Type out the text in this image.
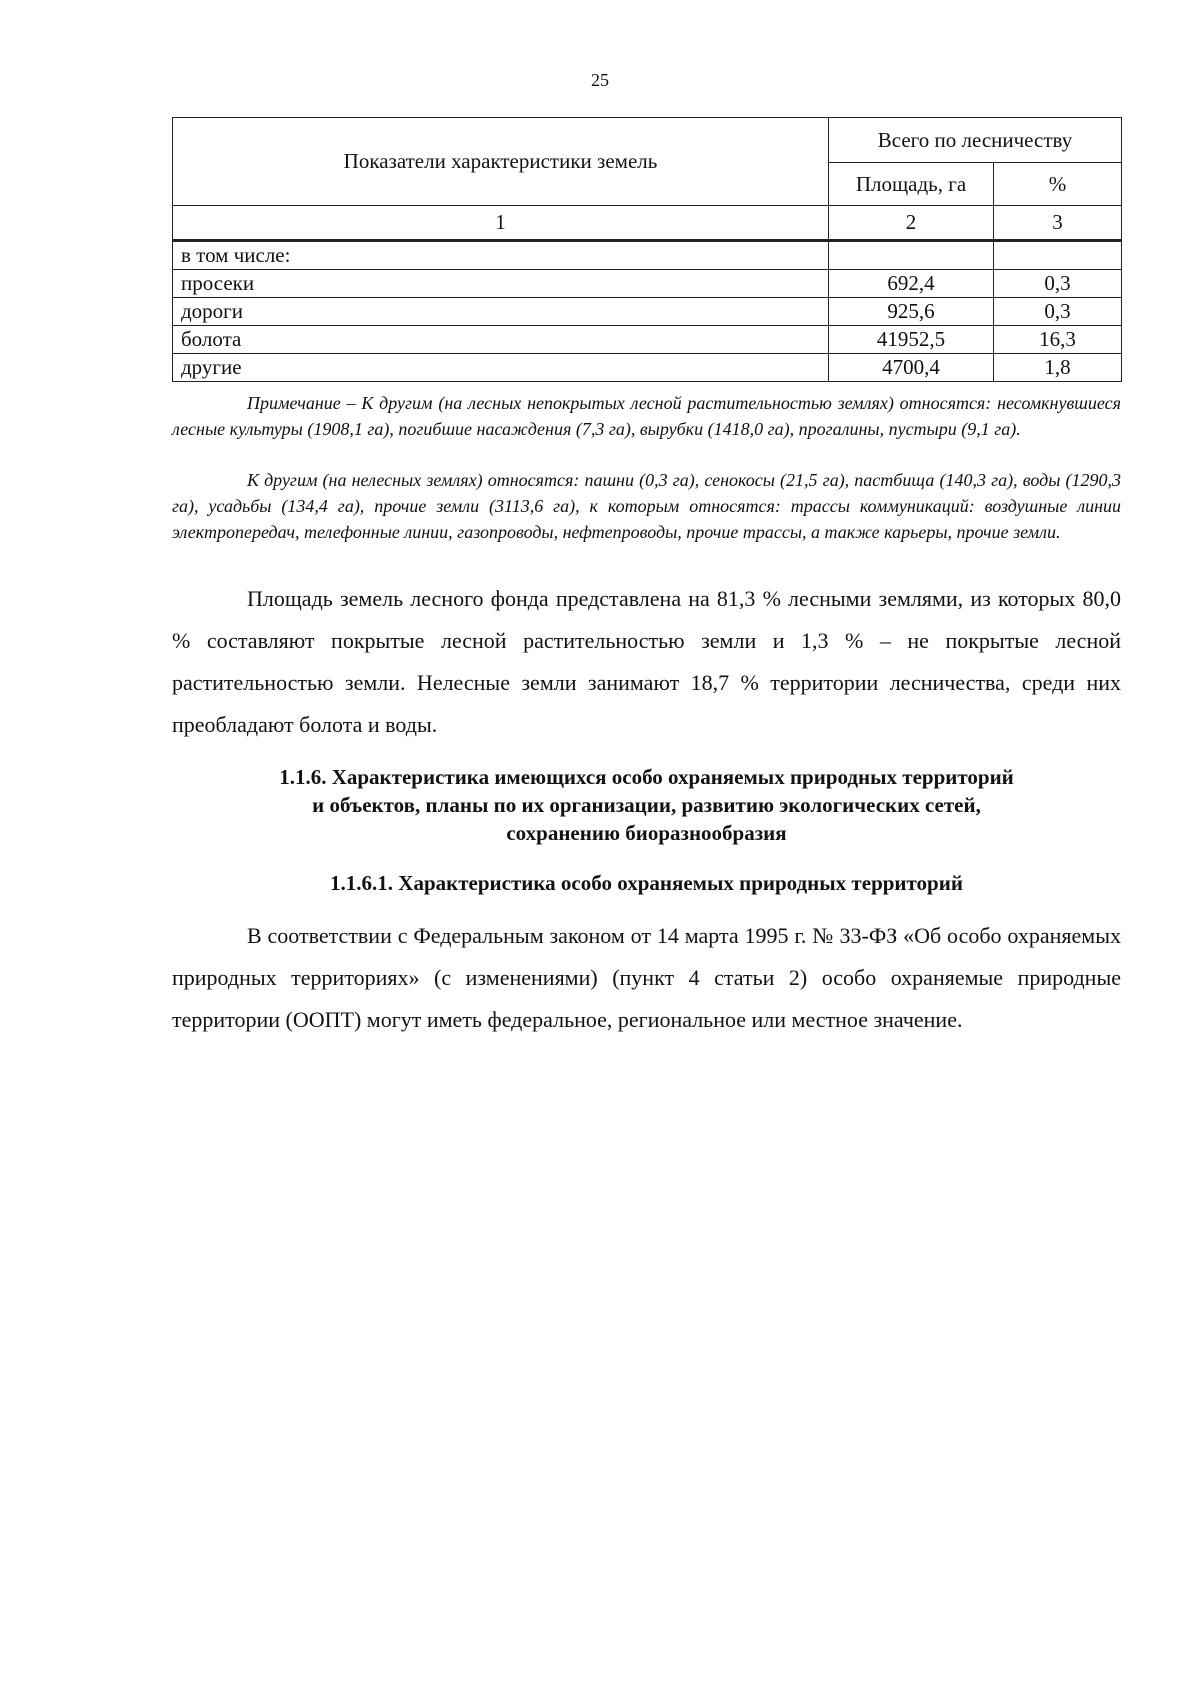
25
Показатели характеристики земель	Всего по лесничеству	
	Площадь, га	%
1	2	3
в том числе:		
просеки	692,4	0,3
дороги	925,6	0,3
болота	41952,5	16,3
другие	4700,4	1,8

Примечание – К другим (на лесных непокрытых лесной растительностью землях) относятся: несомкнувшиеся лесные культуры (1908,1 га), погибшие насаждения (7,3 га), вырубки (1418,0 га), прогалины, пустыри (9,1 га).

К другим (на нелесных землях) относятся: пашни (0,3 га), сенокосы (21,5 га), пастбища (140,3 га), воды (1290,3 га), усадьбы (134,4 га), прочие земли (3113,6 га), к которым относятся: трассы коммуникаций: воздушные линии электропередач, телефонные линии, газопроводы, нефтепроводы, прочие трассы, а также карьеры, прочие земли.

Площадь земель лесного фонда представлена на 81,3 % лесными землями, из которых 80,0 % составляют покрытые лесной растительностью земли и 1,3 % – не покрытые лесной растительностью земли. Нелесные земли занимают 18,7 % территории лесничества, среди них преобладают болота и воды.

1.1.6. Характеристика имеющихся особо охраняемых природных территорий
и объектов, планы по их организации, развитию экологических сетей,
сохранению биоразнообразия
1.1.6.1. Характеристика особо охраняемых природных территорий

В соответствии с Федеральным законом от 14 марта 1995 г. № 33-ФЗ «Об особо охраняемых природных территориях» (с изменениями) (пункт 4 статьи 2) особо охраняемые природные территории (ООПТ) могут иметь федеральное, региональное или местное значение.
